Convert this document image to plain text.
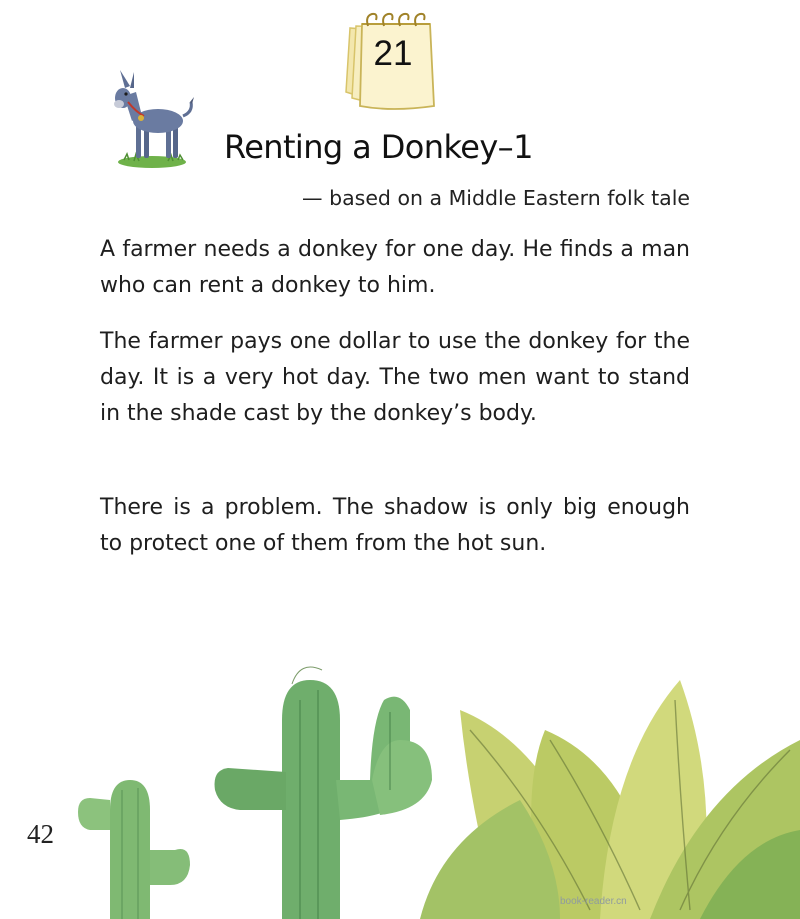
21
Renting a Donkey–1
— based on a Middle Eastern folk tale

A farmer needs a donkey for one day. He finds a man who can rent a donkey to him.

The farmer pays one dollar to use the donkey for the day. It is a very hot day. The two men want to stand in the shade cast by the donkey’s body.

There is a problem. The shadow is only big enough to protect one of them from the hot sun.

42
book-reader.cn
